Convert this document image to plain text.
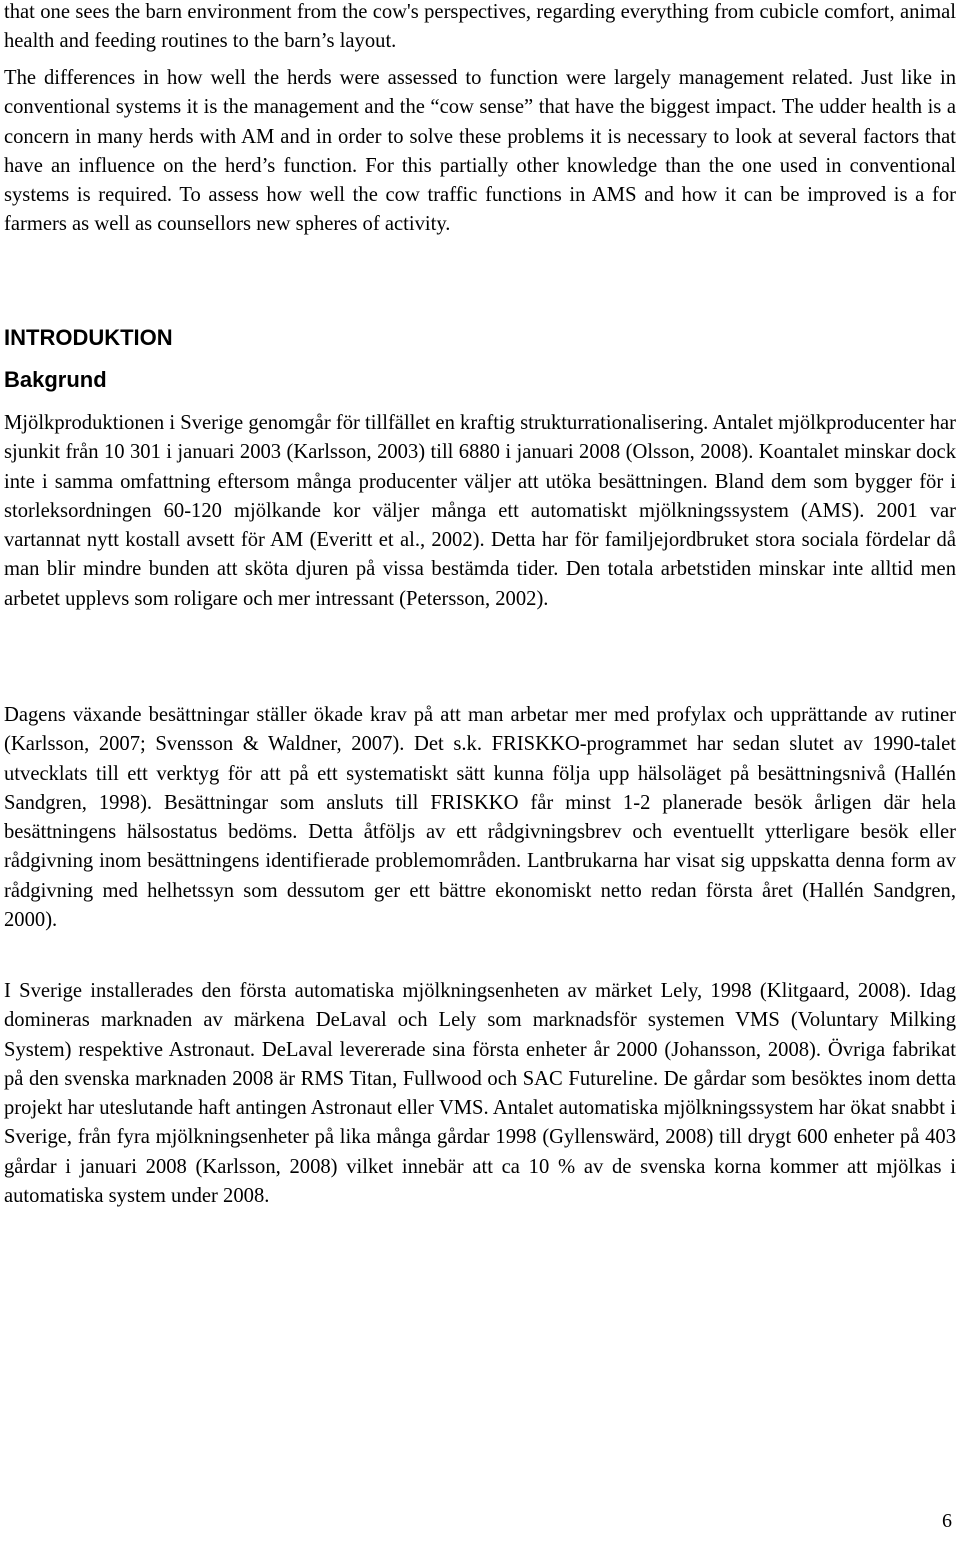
that one sees the barn environment from the cow's perspectives, regarding everything from cubicle comfort, animal health and feeding routines to the barn’s layout.

The differences in how well the herds were assessed to function were largely management related. Just like in conventional systems it is the management and the “cow sense” that have the biggest impact. The udder health is a concern in many herds with AM and in order to solve these problems it is necessary to look at several factors that have an influence on the herd’s function. For this partially other knowledge than the one used in conventional systems is required. To assess how well the cow traffic functions in AMS and how it can be improved is a for farmers as well as counsellors new spheres of activity.

INTRODUKTION
Bakgrund

Mjölkproduktionen i Sverige genomgår för tillfället en kraftig strukturrationalisering. Antalet mjölkproducenter har sjunkit från 10 301 i januari 2003 (Karlsson, 2003) till 6880 i januari 2008 (Olsson, 2008). Koantalet minskar dock inte i samma omfattning eftersom många producenter väljer att utöka besättningen. Bland dem som bygger för i storleksordningen 60-120 mjölkande kor väljer många ett automatiskt mjölkningssystem (AMS). 2001 var vartannat nytt kostall avsett för AM (Everitt et al., 2002). Detta har för familjejordbruket stora sociala fördelar då man blir mindre bunden att sköta djuren på vissa bestämda tider. Den totala arbetstiden minskar inte alltid men arbetet upplevs som roligare och mer intressant (Petersson, 2002).

Dagens växande besättningar ställer ökade krav på att man arbetar mer med profylax och upprättande av rutiner (Karlsson, 2007; Svensson & Waldner, 2007). Det s.k. FRISKKO-programmet har sedan slutet av 1990-talet utvecklats till ett verktyg för att på ett systematiskt sätt kunna följa upp hälsoläget på besättningsnivå (Hallén Sandgren, 1998). Besättningar som ansluts till FRISKKO får minst 1-2 planerade besök årligen där hela besättningens hälsostatus bedöms. Detta åtföljs av ett rådgivningsbrev och eventuellt ytterligare besök eller rådgivning inom besättningens identifierade problemområden. Lantbrukarna har visat sig uppskatta denna form av rådgivning med helhetssyn som dessutom ger ett bättre ekonomiskt netto redan första året (Hallén Sandgren, 2000).

I Sverige installerades den första automatiska mjölkningsenheten av märket Lely, 1998 (Klitgaard, 2008). Idag domineras marknaden av märkena DeLaval och Lely som marknadsför systemen VMS (Voluntary Milking System) respektive Astronaut. DeLaval levererade sina första enheter år 2000 (Johansson, 2008). Övriga fabrikat på den svenska marknaden 2008 är RMS Titan, Fullwood och SAC Futureline. De gårdar som besöktes inom detta projekt har uteslutande haft antingen Astronaut eller VMS. Antalet automatiska mjölkningssystem har ökat snabbt i Sverige, från fyra mjölkningsenheter på lika många gårdar 1998 (Gyllenswärd, 2008) till drygt 600 enheter på 403 gårdar i januari 2008 (Karlsson, 2008) vilket innebär att ca 10 % av de svenska korna kommer att mjölkas i automatiska system under 2008.

6
